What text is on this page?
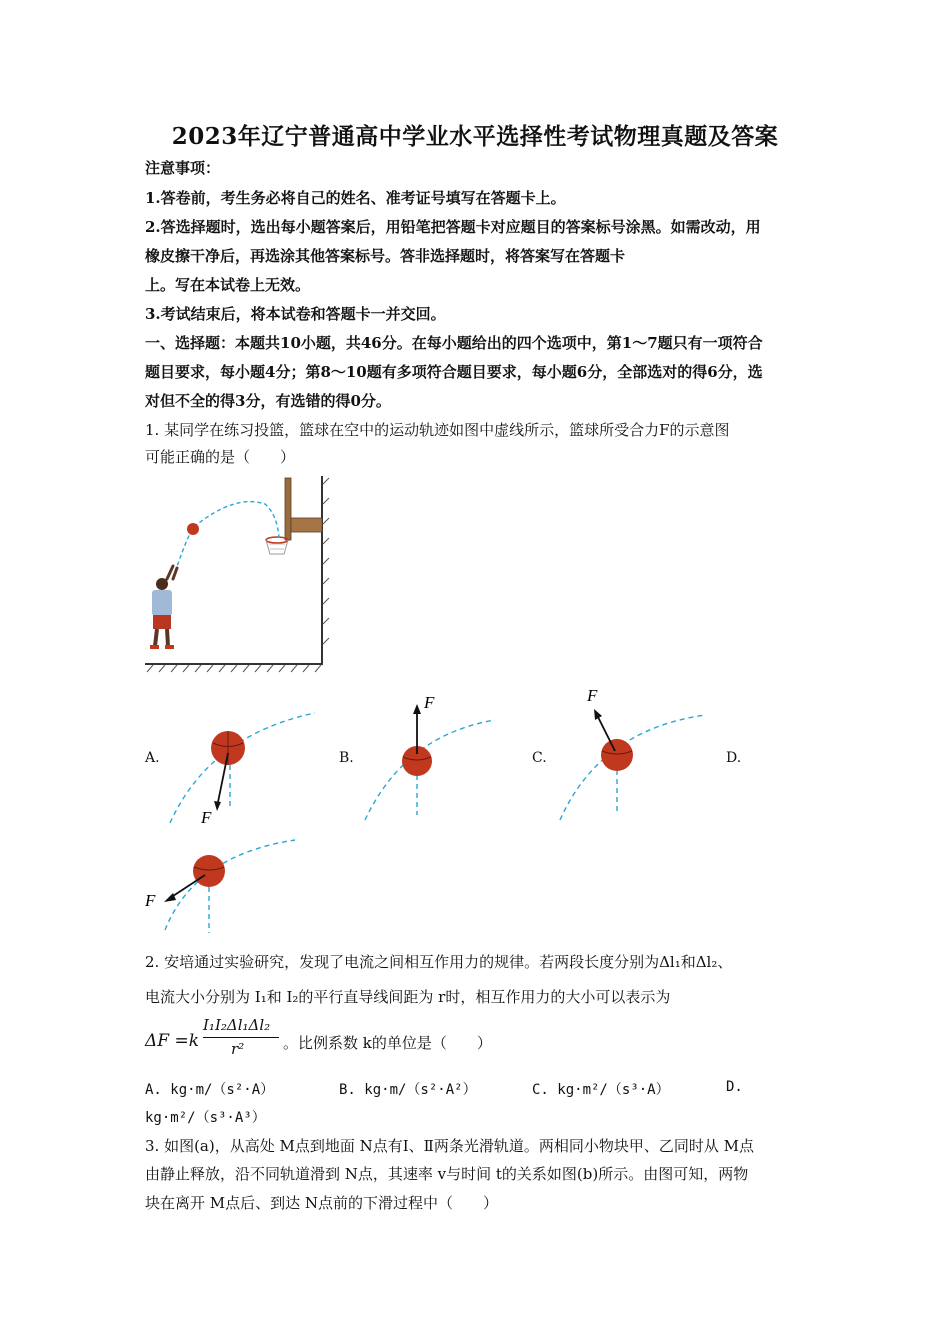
2023年辽宁普通高中学业水平选择性考试物理真题及答案
注意事项：
1.答卷前，考生务必将自己的姓名、准考证号填写在答题卡上。
2.答选择题时，选出每小题答案后，用铅笔把答题卡对应题目的答案标号涂黑。如需改动，用
橡皮擦干净后，再选涂其他答案标号。答非选择题时，将答案写在答题卡
上。写在本试卷上无效。
3.考试结束后，将本试卷和答题卡一并交回。
一、选择题：本题共10小题，共46分。在每小题给出的四个选项中，第1～7题只有一项符合
题目要求，每小题4分；第8～10题有多项符合题目要求，每小题6分，全部选对的得6分，选
对但不全的得3分，有选错的得0分。
1. 某同学在练习投篮，篮球在空中的运动轨迹如图中虚线所示，篮球所受合力F的示意图
可能正确的是（　　）
A.	B.	C.	D.
F
F	F
F
2. 安培通过实验研究，发现了电流之间相互作用力的规律。若两段长度分别为Δl₁和Δl₂、
电流大小分别为 I₁和 I₂的平行直导线间距为 r时，相互作用力的大小可以表示为
ΔF =k
I₁I₂Δl₁Δl₂
r²	。比例系数 k的单位是（　　）
A. kg·m/（s²·A）	B. kg·m/（s²·A²）	C. kg·m²/（s³·A）	D.
kg·m²/（s³·A³）
3. 如图(a)，从高处 M点到地面 N点有Ⅰ、Ⅱ两条光滑轨道。两相同小物块甲、乙同时从 M点
由静止释放，沿不同轨道滑到 N点，其速率 v与时间 t的关系如图(b)所示。由图可知，两物
块在离开 M点后、到达 N点前的下滑过程中（　　）
